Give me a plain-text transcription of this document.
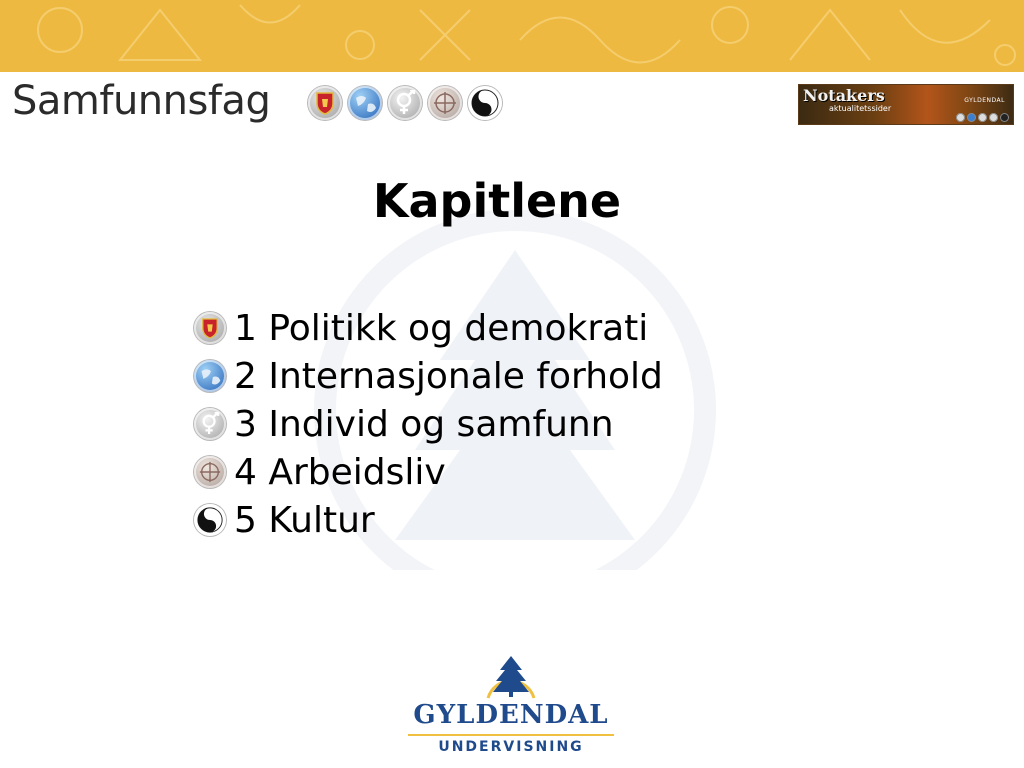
Samfunnsfag	Notakers
aktualitetssider
GYLDENDAL
Kapitlene
1 Politikk og demokrati
2 Internasjonale forhold
3 Individ og samfunn
4 Arbeidsliv
5 Kultur
GYLDENDAL
UNDERVISNING
